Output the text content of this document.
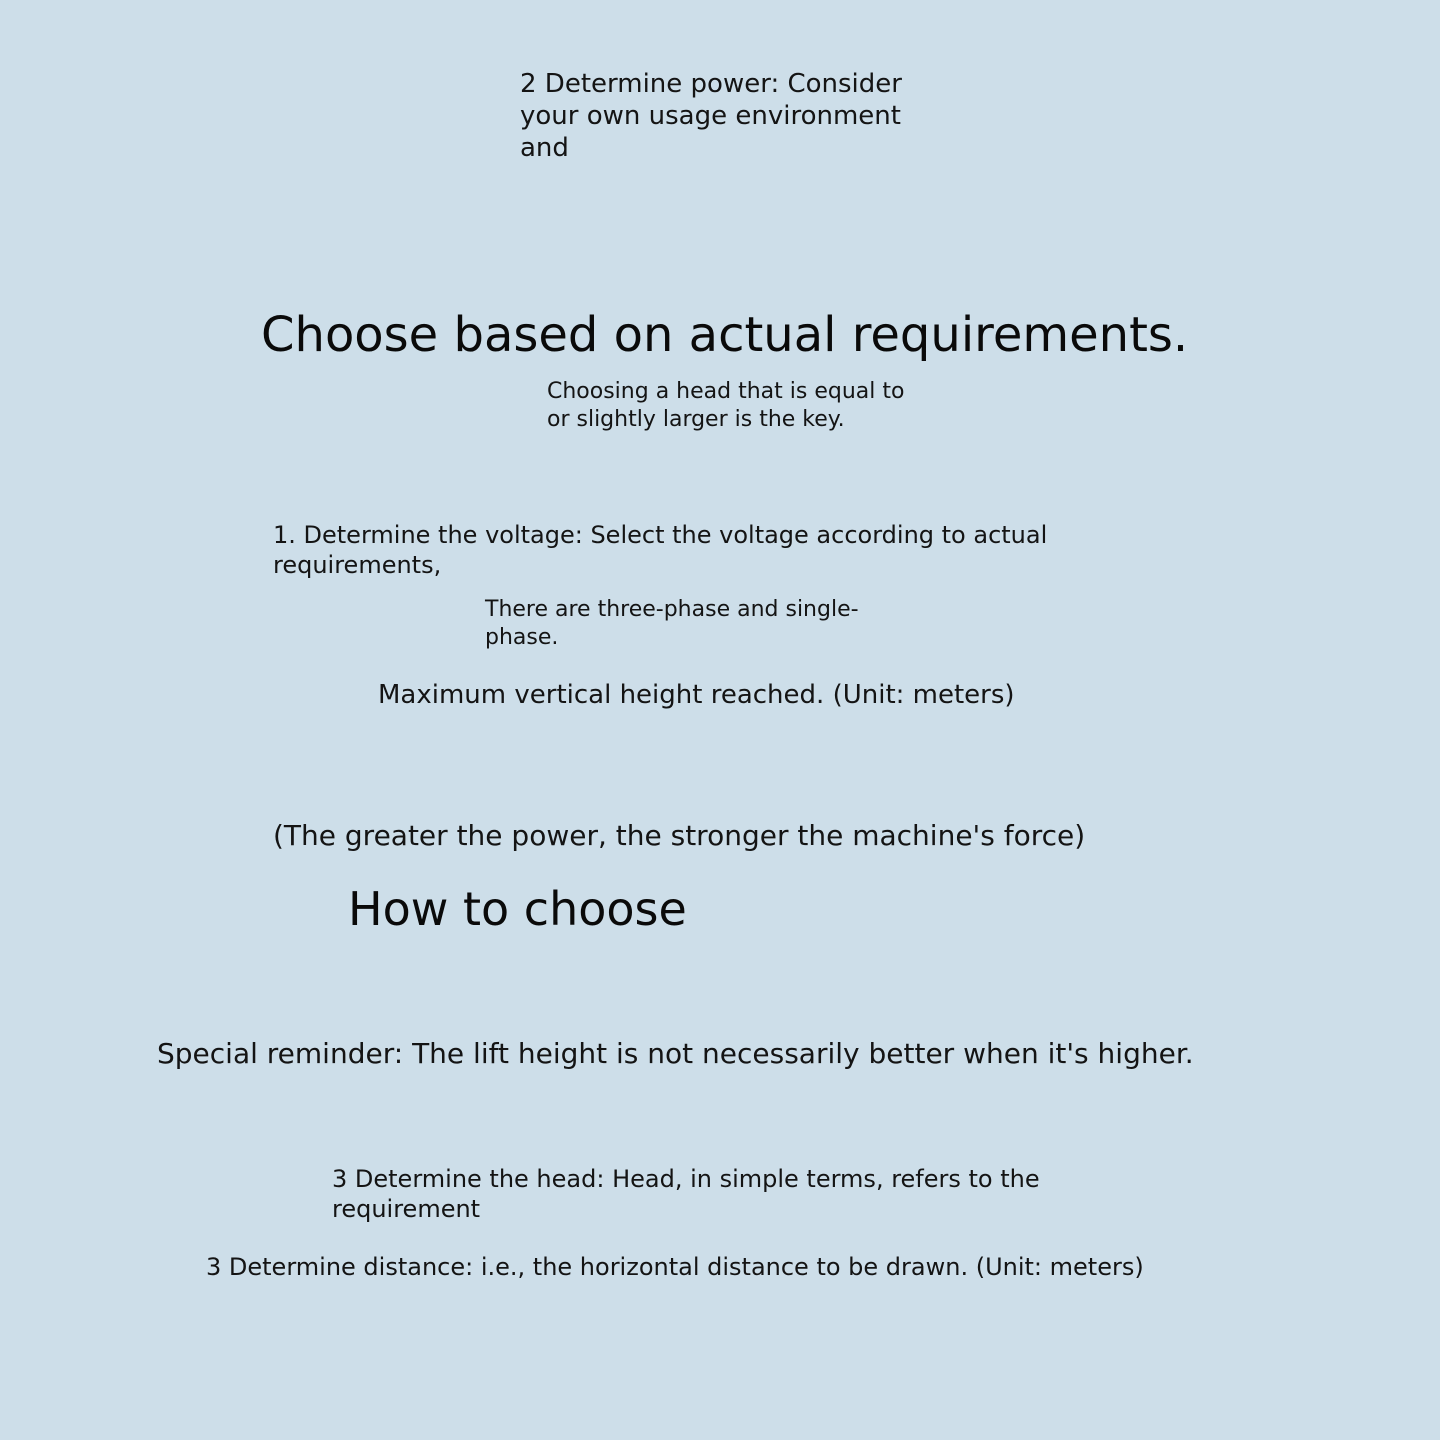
2 Determine power: Consider your own usage environment and

Choose based on actual requirements.

Choosing a head that is equal to or slightly larger is the key.

1. Determine the voltage: Select the voltage according to actual requirements,

There are three-phase and single-phase.

Maximum vertical height reached. (Unit: meters)

(The greater the power, the stronger the machine's force)

How to choose

Special reminder: The lift height is not necessarily better when it's higher.

3 Determine the head: Head, in simple terms, refers to the requirement

3 Determine distance: i.e., the horizontal distance to be drawn. (Unit: meters)
